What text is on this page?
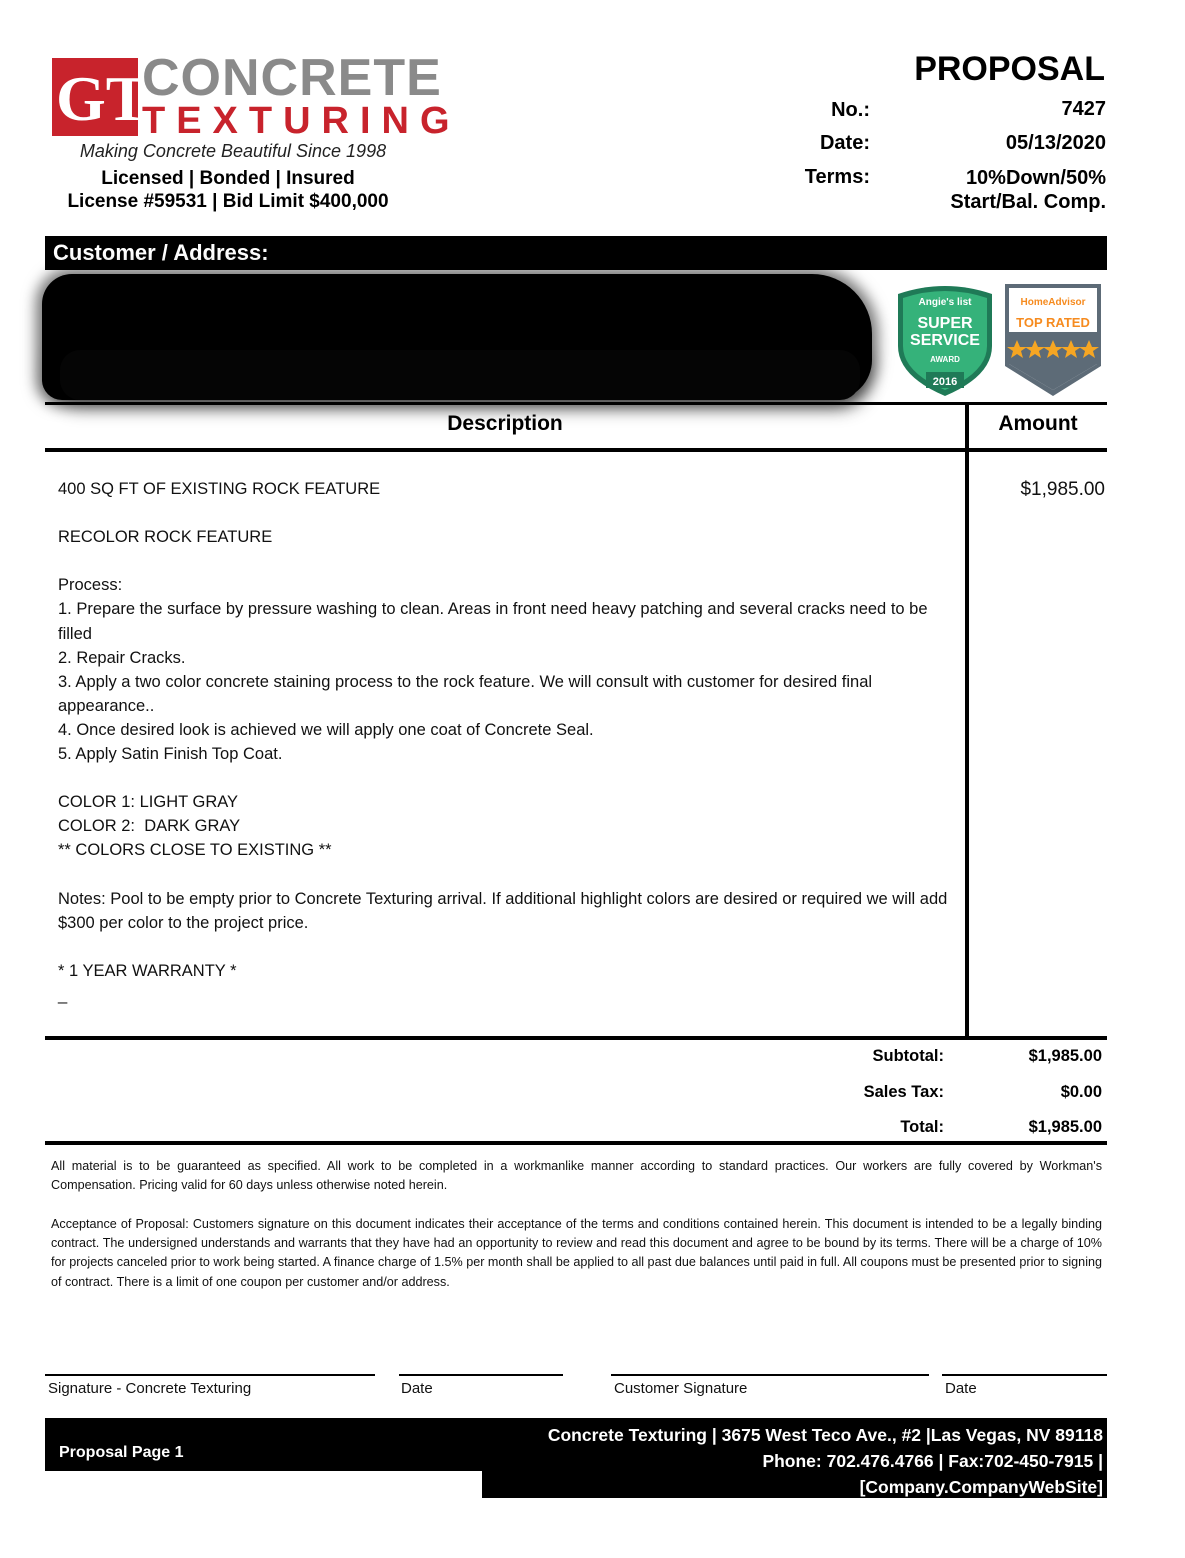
GT
CONCRETE
TEXTURING
Making Concrete Beautiful Since 1998
Licensed | Bonded | Insured
License #59531 | Bid Limit $400,000
PROPOSAL
No.:	7427
Date:	05/13/2020
Terms:	10%Down/50%
Start/Bal. Comp.
Customer / Address:
Angie's list
SUPER
SERVICE
AWARD
2016
HomeAdvisor
TOP RATED
Description	Amount
400 SQ FT OF EXISTING ROCK FEATURE

RECOLOR ROCK FEATURE

Process:
1. Prepare the surface by pressure washing to clean. Areas in front need heavy patching and several cracks need to be filled
2. Repair Cracks.
3. Apply a two color concrete staining process to the rock feature. We will consult with customer for desired final appearance..
4. Once desired look is achieved we will apply one coat of Concrete Seal.
5. Apply Satin Finish Top Coat.

COLOR 1: LIGHT GRAY
COLOR 2:  DARK GRAY
** COLORS CLOSE TO EXISTING **

Notes: Pool to be empty prior to Concrete Texturing arrival. If additional highlight colors are desired or required we will add $300 per color to the project price.

* 1 YEAR WARRANTY *
_
$1,985.00
Subtotal:	$1,985.00
Sales Tax:	$0.00
Total:	$1,985.00
All material is to be guaranteed as specified. All work to be completed in a workmanlike manner according to standard practices. Our workers are fully covered by Workman's Compensation. Pricing valid for 60 days unless otherwise noted herein.
Acceptance of Proposal: Customers signature on this document indicates their acceptance of the terms and conditions contained herein. This document is intended to be a legally binding contract. The undersigned understands and warrants that they have had an opportunity to review and read this document and agree to be bound by its terms. There will be a charge of 10% for projects canceled prior to work being started. A finance charge of 1.5% per month shall be applied to all past due balances until paid in full. All coupons must be presented prior to signing of contract. There is a limit of one coupon per customer and/or address.
Signature - Concrete Texturing	Date	Customer Signature	Date
Proposal Page 1
Concrete Texturing | 3675 West Teco Ave., #2 |Las Vegas, NV 89118
Phone: 702.476.4766 | Fax:702-450-7915 |
[Company.CompanyWebSite]
